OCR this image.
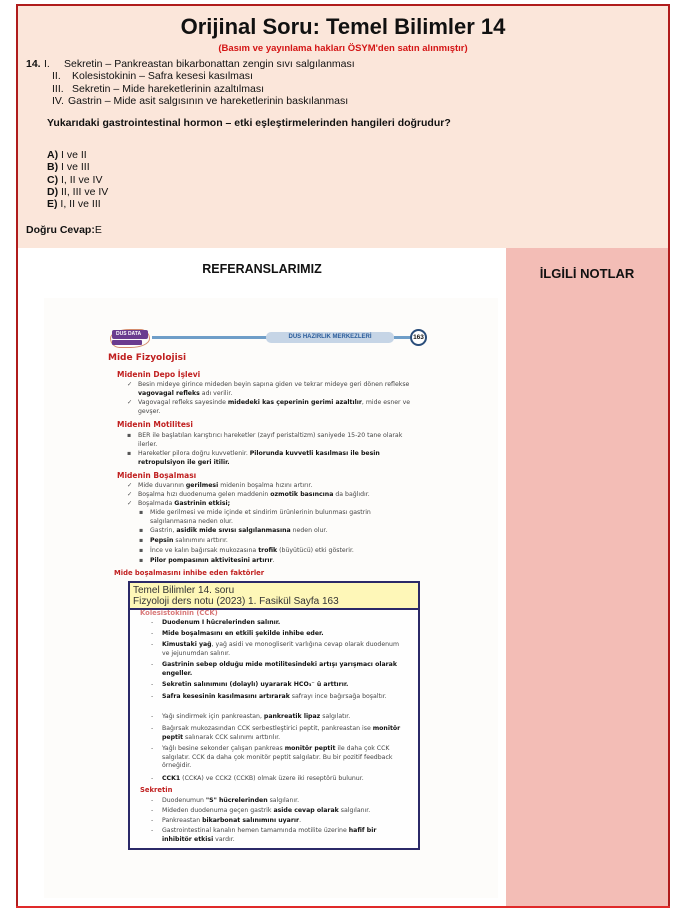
Orijinal Soru: Temel Bilimler 14
(Basım ve yayınlama hakları ÖSYM'den satın alınmıştır)
14. I.	Sekretin – Pankreastan bikarbonattan zengin sıvı salgılanması
II.	Kolesistokinin – Safra kesesi kasılması
III. Sekretin – Mide hareketlerinin azaltılması
IV. Gastrin – Mide asit salgısının ve hareketlerinin baskılanması
Yukarıdaki gastrointestinal hormon – etki eşleştirmelerinden hangileri doğrudur?
A) I ve II
B) I ve III
C) I, II ve IV
D) II, III ve IV
E) I, II ve III
Doğru Cevap:E
REFERANSLARIMIZ
DUS DATA	DUS HAZIRLIK MERKEZLERİ	163
Mide Fizyolojisi
Midenin Depo İşlevi
✓ Besin mideye girince mideden beyin sapına giden ve tekrar mideye geri dönen reflekse vagovagal refleks adı verilir.
✓ Vagovagal refleks sayesinde midedeki kas çeperinin gerimi azaltılır, mide esner ve gevşer.
Midenin Motilitesi
▪ BER ile başlatılan karıştırıcı hareketler (zayıf peristaltizm) saniyede 15-20 tane olarak ilerler.
▪ Hareketler pilora doğru kuvvetlenir. Pilorunda kuvvetli kasılması ile besin retropulsiyon ile geri itilir.
Midenin Boşalması
✓ Mide duvarının gerilmesi midenin boşalma hızını artırır.
✓ Boşalma hızı duodenuma gelen maddenin ozmotik basıncına da bağlıdır.
✓ Boşalmada Gastrinin etkisi;
▪ Mide gerilmesi ve mide içinde et sindirim ürünlerinin bulunması gastrin salgılanmasına neden olur.
▪ Gastrin, asidik mide sıvısı salgılanmasına neden olur.
▪ Pepsin salınımını arttırır.
▪ İnce ve kalın bağırsak mukozasına trofik (büyütücü) etki gösterir.
▪ Pilor pompasının aktivitesini artırır.
Mide boşalmasını inhibe eden faktörler
Temel Bilimler 14. soru
Fizyoloji ders notu (2023) 1. Fasikül Sayfa 163
Kolesistokinin (CCK)
- Duodenum I hücrelerinden salınır.
- Mide boşalmasını en etkili şekilde inhibe eder.
- Kimustaki yağ, yağ asidi ve monogliserit varlığına cevap olarak duodenum ve jejunumdan salınır.
- Gastrinin sebep olduğu mide motilitesindeki artışı yarışmacı olarak engeller.
- Sekretin salınımını (dolaylı) uyararak HCO₃⁻ ü arttırır.
- Safra kesesinin kasılmasını artırarak safrayı ince bağırsağa boşaltır.
- Yağı sindirmek için pankreastan, pankreatik lipaz salgılatır.
- Bağırsak mukozasından CCK serbestleştirici peptit, pankreastan ise monitör peptit salınarak CCK salınımı arttırılır.
- Yağlı besine sekonder çalışan pankreas monitör peptit ile daha çok CCK salgılatır. CCK da daha çok monitör peptit salgılatır. Bu bir pozitif feedback örneğidir.
- CCK1 (CCKA) ve CCK2 (CCKB) olmak üzere iki reseptörü bulunur.
Sekretin
- Duodenumun "S" hücrelerinden salgılanır.
- Mideden duodenuma geçen gastrik aside cevap olarak salgılanır.
- Pankreastan bikarbonat salınımını uyarır.
- Gastrointestinal kanalın hemen tamamında motilite üzerine hafif bir inhibitör etkisi vardır.
İLGİLİ NOTLAR
